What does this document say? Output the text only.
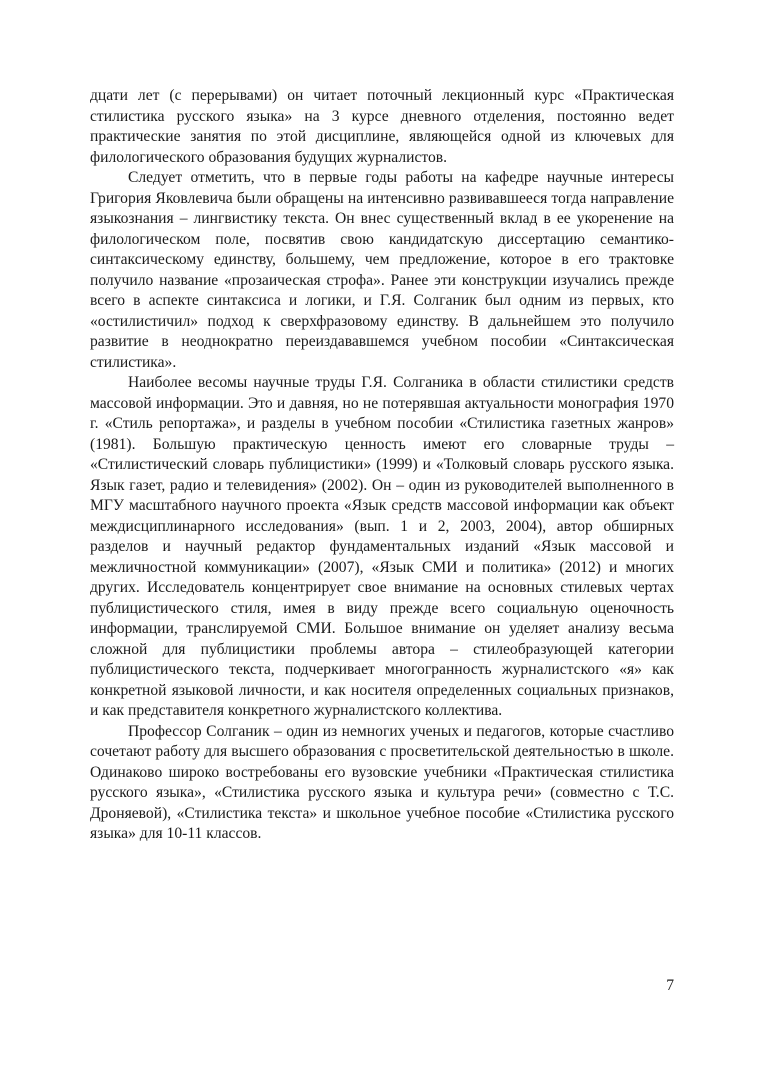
дцати лет (с перерывами) он читает поточный лекционный курс «Практическая стилистика русского языка» на 3 курсе дневного отделения, постоянно ведет практические занятия по этой дисциплине, являющейся одной из ключевых для филологического образования будущих журналистов.

Следует отметить, что в первые годы работы на кафедре научные интересы Григория Яковлевича были обращены на интенсивно развивавшееся тогда направление языкознания – лингвистику текста. Он внес существенный вклад в ее укоренение на филологическом поле, посвятив свою кандидатскую диссертацию семантико-синтаксическому единству, большему, чем предложение, которое в его трактовке получило название «прозаическая строфа». Ранее эти конструкции изучались прежде всего в аспекте синтаксиса и логики, и Г.Я. Солганик был одним из первых, кто «остилистичил» подход к сверхфразовому единству. В дальнейшем это получило развитие в неоднократно переиздававшемся учебном пособии «Синтаксическая стилистика».

Наиболее весомы научные труды Г.Я. Солганика в области стилистики средств массовой информации. Это и давняя, но не потерявшая актуальности монография 1970 г. «Стиль репортажа», и разделы в учебном пособии «Стилистика газетных жанров» (1981). Большую практическую ценность имеют его словарные труды – «Стилистический словарь публицистики» (1999) и «Толковый словарь русского языка. Язык газет, радио и телевидения» (2002). Он – один из руководителей выполненного в МГУ масштабного научного проекта «Язык средств массовой информации как объект междисциплинарного исследования» (вып. 1 и 2, 2003, 2004), автор обширных разделов и научный редактор фундаментальных изданий «Язык массовой и межличностной коммуникации» (2007), «Язык СМИ и политика» (2012) и многих других. Исследователь концентрирует свое внимание на основных стилевых чертах публицистического стиля, имея в виду прежде всего социальную оценочность информации, транслируемой СМИ. Большое внимание он уделяет анализу весьма сложной для публицистики проблемы автора – стилеобразующей категории публицистического текста, подчеркивает многогранность журналистского «я» как конкретной языковой личности, и как носителя определенных социальных признаков, и как представителя конкретного журналистского коллектива.

Профессор Солганик – один из немногих ученых и педагогов, которые счастливо сочетают работу для высшего образования с просветительской деятельностью в школе. Одинаково широко востребованы его вузовские учебники «Практическая стилистика русского языка», «Стилистика русского языка и культура речи» (совместно с Т.С. Дроняевой), «Стилистика текста» и школьное учебное пособие «Стилистика русского языка» для 10-11 классов.

7
